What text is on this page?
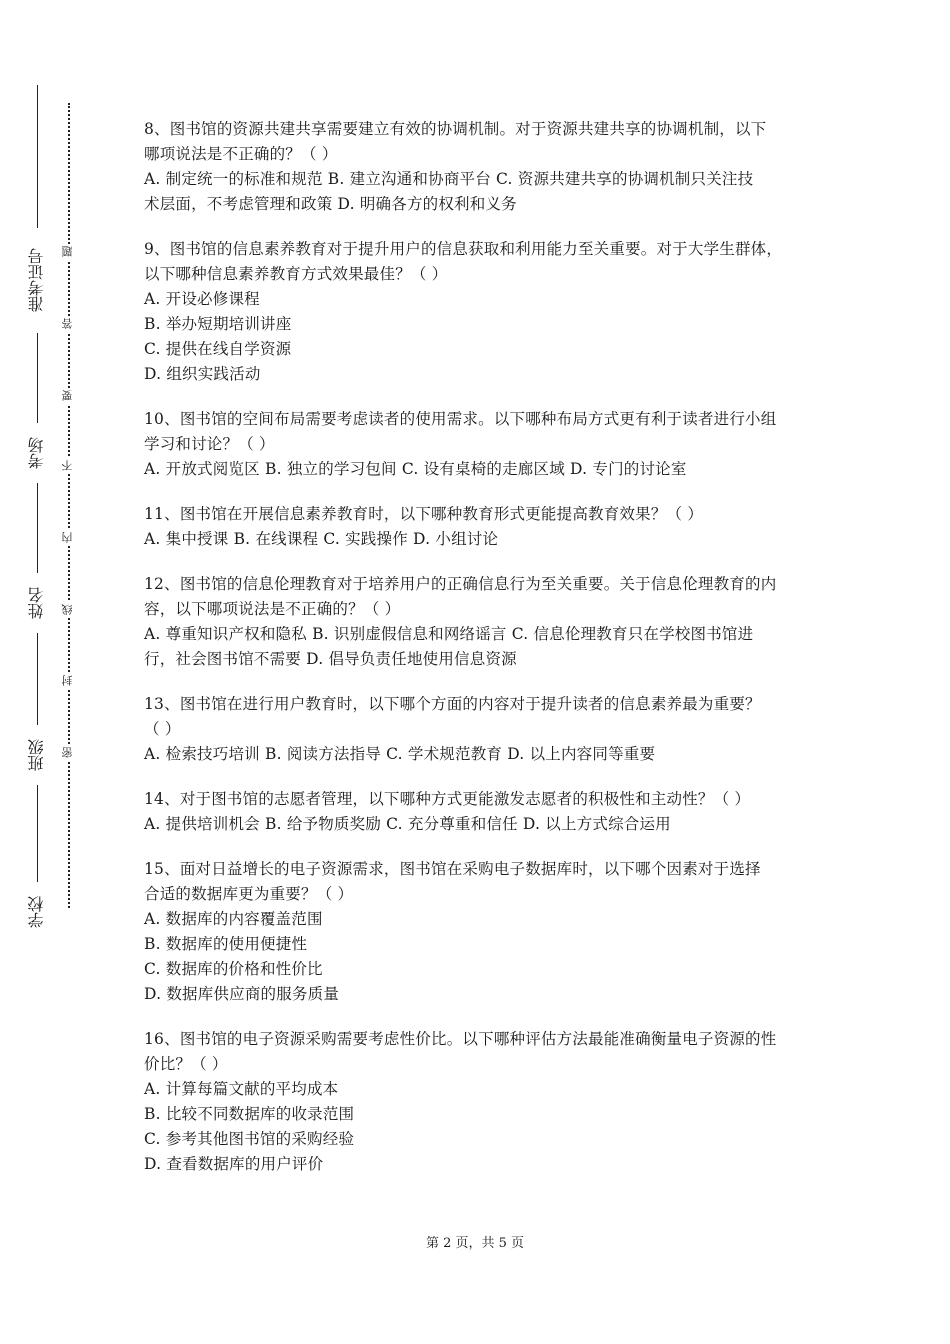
准考证号
考场
姓名
班级
学校
题
答
要
不
内
线
封
密
8、图书馆的资源共建共享需要建立有效的协调机制。对于资源共建共享的协调机制，以下
哪项说法是不正确的？（ ）
A. 制定统一的标准和规范 B. 建立沟通和协商平台 C. 资源共建共享的协调机制只关注技
术层面，不考虑管理和政策 D. 明确各方的权利和义务
9、图书馆的信息素养教育对于提升用户的信息获取和利用能力至关重要。对于大学生群体，
以下哪种信息素养教育方式效果最佳？（ ）
A. 开设必修课程
B. 举办短期培训讲座
C. 提供在线自学资源
D. 组织实践活动
10、图书馆的空间布局需要考虑读者的使用需求。以下哪种布局方式更有利于读者进行小组
学习和讨论？（ ）
A. 开放式阅览区 B. 独立的学习包间 C. 设有桌椅的走廊区域 D. 专门的讨论室
11、图书馆在开展信息素养教育时，以下哪种教育形式更能提高教育效果？（ ）
A. 集中授课 B. 在线课程 C. 实践操作 D. 小组讨论
12、图书馆的信息伦理教育对于培养用户的正确信息行为至关重要。关于信息伦理教育的内
容，以下哪项说法是不正确的？（ ）
A. 尊重知识产权和隐私 B. 识别虚假信息和网络谣言 C. 信息伦理教育只在学校图书馆进
行，社会图书馆不需要 D. 倡导负责任地使用信息资源
13、图书馆在进行用户教育时，以下哪个方面的内容对于提升读者的信息素养最为重要？
（ ）
A. 检索技巧培训 B. 阅读方法指导 C. 学术规范教育 D. 以上内容同等重要
14、对于图书馆的志愿者管理，以下哪种方式更能激发志愿者的积极性和主动性？（ ）
A. 提供培训机会 B. 给予物质奖励 C. 充分尊重和信任 D. 以上方式综合运用
15、面对日益增长的电子资源需求，图书馆在采购电子数据库时，以下哪个因素对于选择
合适的数据库更为重要？（ ）
A. 数据库的内容覆盖范围
B. 数据库的使用便捷性
C. 数据库的价格和性价比
D. 数据库供应商的服务质量
16、图书馆的电子资源采购需要考虑性价比。以下哪种评估方法最能准确衡量电子资源的性
价比？（ ）
A. 计算每篇文献的平均成本
B. 比较不同数据库的收录范围
C. 参考其他图书馆的采购经验
D. 查看数据库的用户评价
第 2 页，共 5 页
